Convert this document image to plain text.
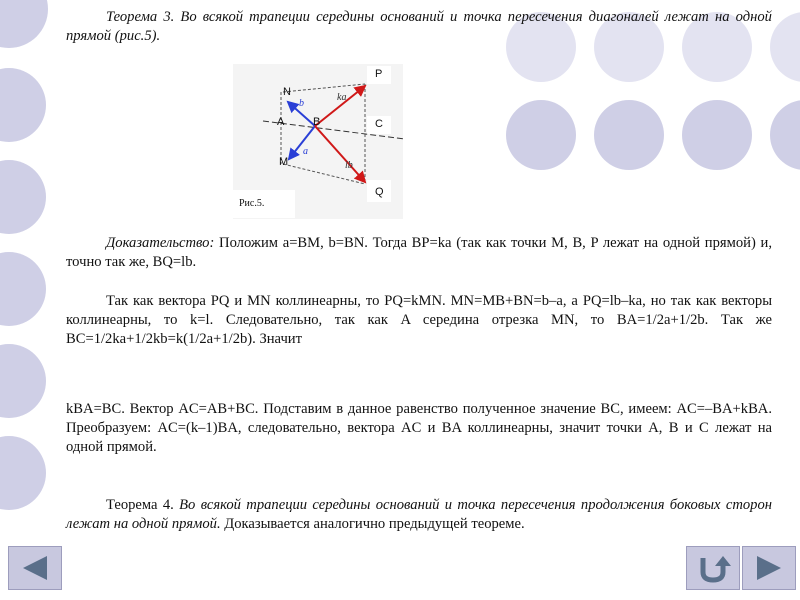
Теорема 3. Во всякой трапеции середины оснований и точка пересечения диагоналей лежат на одной прямой (рис.5).
N
A	B	C
M
P
Q
b
a
ka
lb
Рис.5.
Доказательство: Положим a=BM, b=BN. Тогда BP=ka (так как точки M, B, P лежат на одной прямой) и, точно так же, BQ=lb.
Так как вектора PQ и MN коллинеарны, то PQ=kMN. MN=MB+BN=b–a, а PQ=lb–ka, но так как векторы коллинеарны, то k=l. Следовательно, так как A середина отрезка MN, то BA=1/2a+1/2b. Так же BC=1/2ka+1/2kb=k(1/2a+1/2b). Значит
kBA=BC. Вектор AC=AB+BC. Подставим в данное равенство полученное значение BC, имеем: AC=–BA+kBA. Преобразуем: AC=(k–1)BA, следовательно, вектора AC и BA коллинеарны, значит точки A, B и C лежат на одной прямой.
Теорема 4. Во всякой трапеции середины оснований и точка пересечения продолжения боковых сторон лежат на одной прямой. Доказывается аналогично предыдущей теореме.
